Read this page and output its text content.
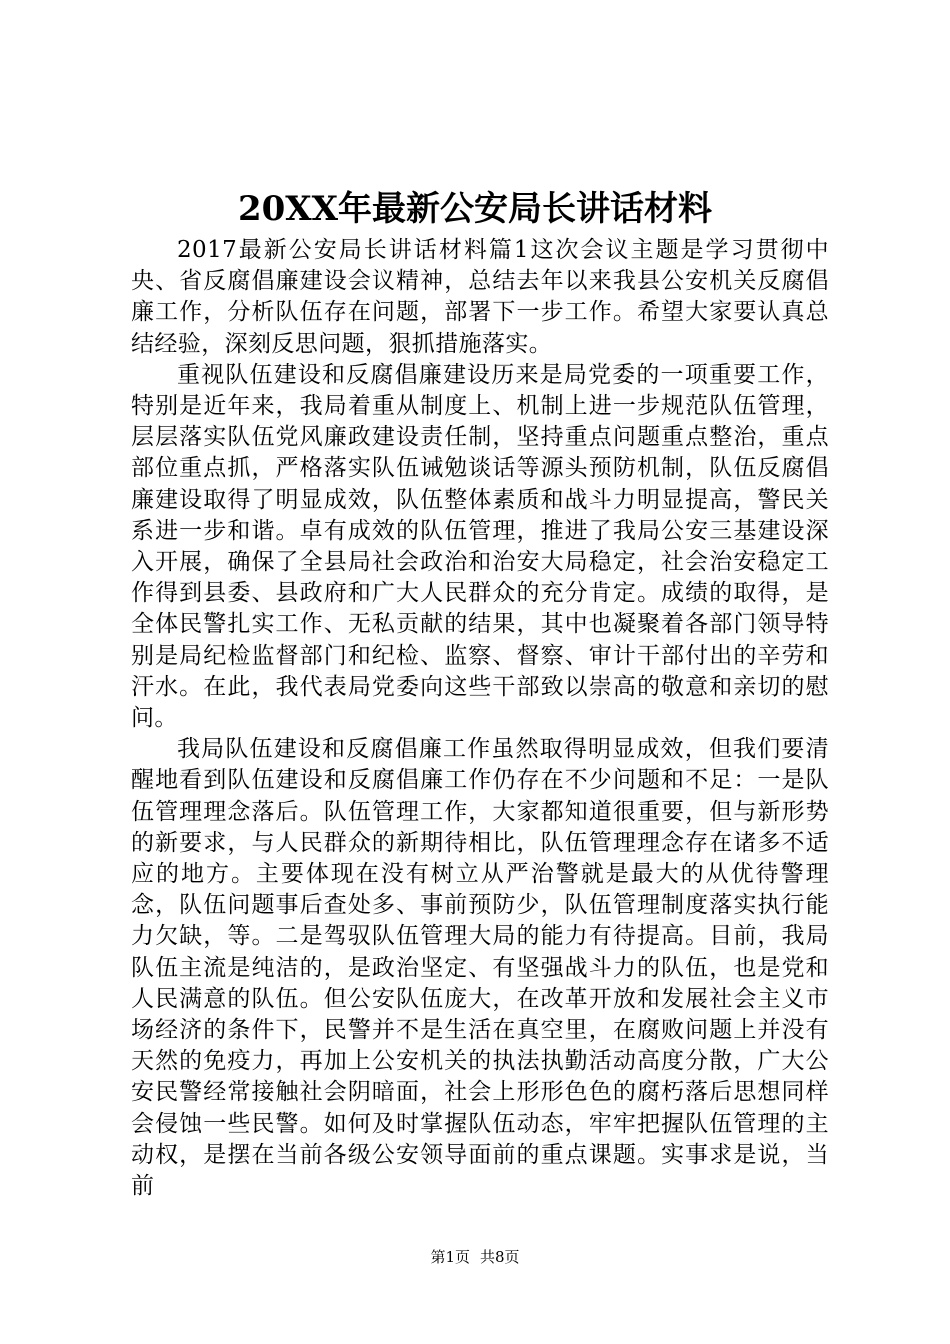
20XX年最新公安局长讲话材料

2017最新公安局长讲话材料篇1这次会议主题是学习贯彻中央、省反腐倡廉建设会议精神，总结去年以来我县公安机关反腐倡廉工作，分析队伍存在问题，部署下一步工作。希望大家要认真总结经验，深刻反思问题，狠抓措施落实。

重视队伍建设和反腐倡廉建设历来是局党委的一项重要工作，特别是近年来，我局着重从制度上、机制上进一步规范队伍管理，层层落实队伍党风廉政建设责任制，坚持重点问题重点整治，重点部位重点抓，严格落实队伍诫勉谈话等源头预防机制，队伍反腐倡廉建设取得了明显成效，队伍整体素质和战斗力明显提高，警民关系进一步和谐。卓有成效的队伍管理，推进了我局公安三基建设深入开展，确保了全县局社会政治和治安大局稳定，社会治安稳定工作得到县委、县政府和广大人民群众的充分肯定。成绩的取得，是全体民警扎实工作、无私贡献的结果，其中也凝聚着各部门领导特别是局纪检监督部门和纪检、监察、督察、审计干部付出的辛劳和汗水。在此，我代表局党委向这些干部致以崇高的敬意和亲切的慰问。

我局队伍建设和反腐倡廉工作虽然取得明显成效，但我们要清醒地看到队伍建设和反腐倡廉工作仍存在不少问题和不足：一是队伍管理理念落后。队伍管理工作，大家都知道很重要，但与新形势的新要求，与人民群众的新期待相比，队伍管理理念存在诸多不适应的地方。主要体现在没有树立从严治警就是最大的从优待警理念，队伍问题事后查处多、事前预防少，队伍管理制度落实执行能力欠缺，等。二是驾驭队伍管理大局的能力有待提高。目前，我局队伍主流是纯洁的，是政治坚定、有坚强战斗力的队伍，也是党和人民满意的队伍。但公安队伍庞大，在改革开放和发展社会主义市场经济的条件下，民警并不是生活在真空里，在腐败问题上并没有天然的免疫力，再加上公安机关的执法执勤活动高度分散，广大公安民警经常接触社会阴暗面，社会上形形色色的腐朽落后思想同样会侵蚀一些民警。如何及时掌握队伍动态，牢牢把握队伍管理的主动权，是摆在当前各级公安领导面前的重点课题。实事求是说，当前

第1页 共8页
